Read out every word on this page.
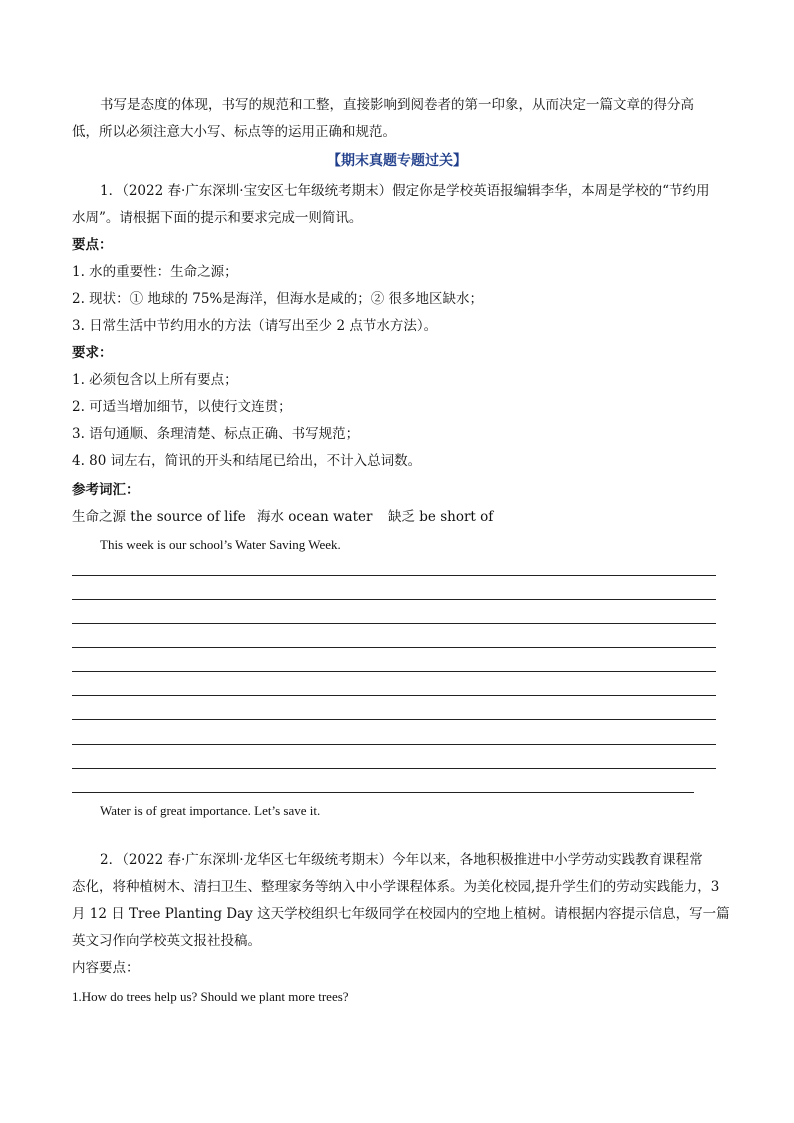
书写是态度的体现，书写的规范和工整，直接影响到阅卷者的第一印象，从而决定一篇文章的得分高
低，所以必须注意大小写、标点等的运用正确和规范。
【期末真题专题过关】
1．（2022 春·广东深圳·宝安区七年级统考期末）假定你是学校英语报编辑李华，本周是学校的“节约用
水周”。请根据下面的提示和要求完成一则简讯。
要点：
1. 水的重要性：生命之源；
2. 现状：① 地球的 75%是海洋，但海水是咸的；② 很多地区缺水；
3. 日常生活中节约用水的方法（请写出至少 2 点节水方法）。
要求：
1. 必须包含以上所有要点；
2. 可适当增加细节，以使行文连贯；
3. 语句通顺、条理清楚、标点正确、书写规范；
4. 80 词左右，简讯的开头和结尾已给出，不计入总词数。
参考词汇：
生命之源 the source of life 海水 ocean water 缺乏 be short of
This week is our school’s Water Saving Week.
Water is of great importance. Let’s save it.
2．（2022 春·广东深圳·龙华区七年级统考期末）今年以来，各地积极推进中小学劳动实践教育课程常
态化，将种植树木、清扫卫生、整理家务等纳入中小学课程体系。为美化校园,提升学生们的劳动实践能力，3
月 12 日 Tree Planting Day 这天学校组织七年级同学在校园内的空地上植树。请根据内容提示信息，写一篇
英文习作向学校英文报社投稿。
内容要点：
1.How do trees help us? Should we plant more trees?
